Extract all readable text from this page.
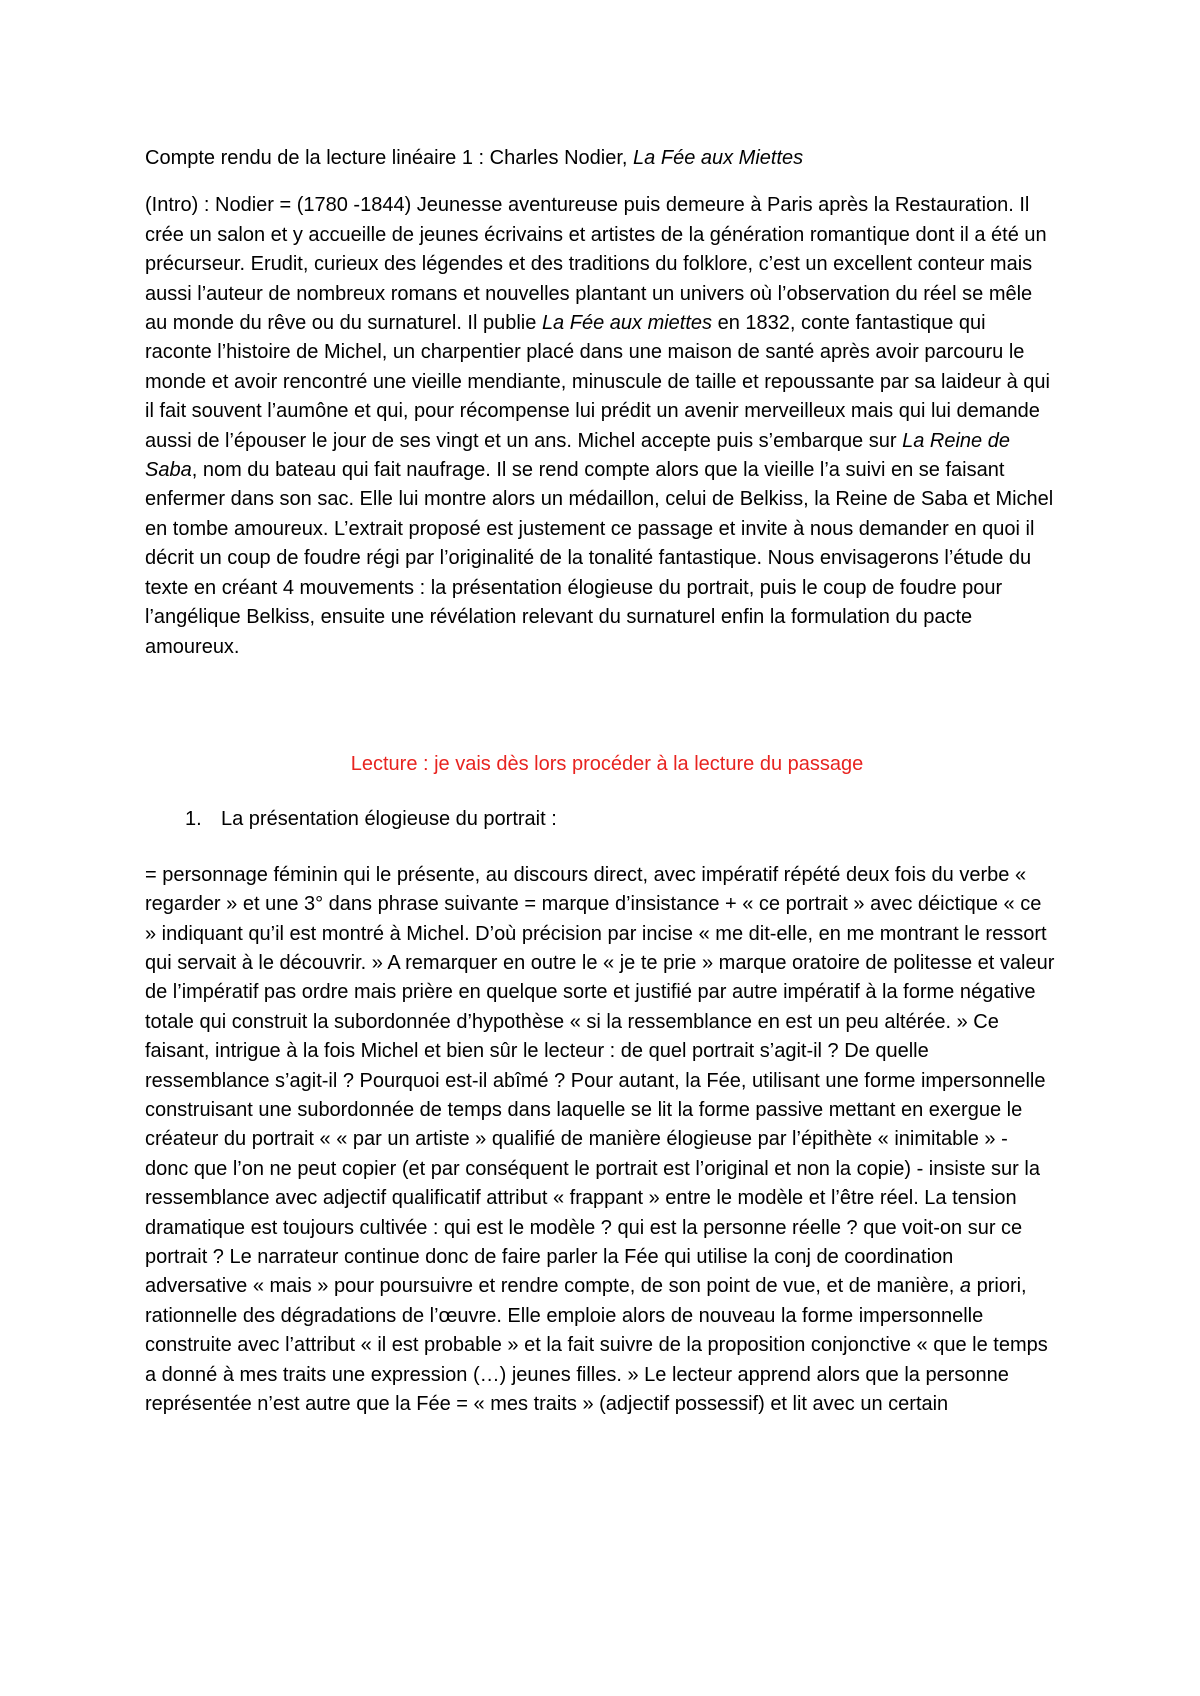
Compte rendu de la lecture linéaire 1 : Charles Nodier, La Fée aux Miettes

(Intro) : Nodier = (1780 -1844) Jeunesse aventureuse puis demeure à Paris après la Restauration. Il crée un salon et y accueille de jeunes écrivains et artistes de la génération romantique dont il a été un précurseur. Erudit, curieux des légendes et des traditions du folklore, c’est un excellent conteur mais aussi l’auteur de nombreux romans et nouvelles plantant un univers où l’observation du réel se mêle au monde du rêve ou du surnaturel. Il publie La Fée aux miettes en 1832, conte fantastique qui raconte l’histoire de Michel, un charpentier placé dans une maison de santé après avoir parcouru le monde et avoir rencontré une vieille mendiante, minuscule de taille et repoussante par sa laideur à qui il fait souvent l’aumône et qui, pour récompense lui prédit un avenir merveilleux mais qui lui demande aussi de l’épouser le jour de ses vingt et un ans. Michel accepte puis s’embarque sur La Reine de Saba, nom du bateau qui fait naufrage. Il se rend compte alors que la vieille l’a suivi en se faisant enfermer dans son sac. Elle lui montre alors un médaillon, celui de Belkiss, la Reine de Saba et Michel en tombe amoureux. L’extrait proposé est justement ce passage et invite à nous demander en quoi il décrit un coup de foudre régi par l’originalité de la tonalité fantastique. Nous envisagerons l’étude du texte en créant 4 mouvements : la présentation élogieuse du portrait, puis le coup de foudre pour l’angélique Belkiss, ensuite une révélation relevant du surnaturel enfin la formulation du pacte amoureux.

Lecture : je vais dès lors procéder à la lecture du passage

1. La présentation élogieuse du portrait :

= personnage féminin qui le présente, au discours direct, avec impératif répété deux fois du verbe « regarder » et une 3° dans phrase suivante = marque d’insistance + « ce portrait » avec déictique « ce » indiquant qu’il est montré à Michel. D’où précision par incise « me dit-elle, en me montrant le ressort qui servait à le découvrir. » A remarquer en outre le « je te prie » marque oratoire de politesse et valeur de l’impératif pas ordre mais prière en quelque sorte et justifié par autre impératif à la forme négative totale qui construit la subordonnée d’hypothèse « si la ressemblance en est un peu altérée. » Ce faisant, intrigue à la fois Michel et bien sûr le lecteur : de quel portrait s’agit-il ? De quelle ressemblance s’agit-il ? Pourquoi est-il abîmé ? Pour autant, la Fée, utilisant une forme impersonnelle construisant une subordonnée de temps dans laquelle se lit la forme passive mettant en exergue le créateur du portrait « « par un artiste » qualifié de manière élogieuse par l’épithète « inimitable » - donc que l’on ne peut copier (et par conséquent le portrait est l’original et non la copie) - insiste sur la ressemblance avec adjectif qualificatif attribut « frappant » entre le modèle et l’être réel. La tension dramatique est toujours cultivée : qui est le modèle ? qui est la personne réelle ? que voit-on sur ce portrait ? Le narrateur continue donc de faire parler la Fée qui utilise la conj de coordination adversative « mais » pour poursuivre et rendre compte, de son point de vue, et de manière, a priori, rationnelle des dégradations de l’œuvre. Elle emploie alors de nouveau la forme impersonnelle construite avec l’attribut « il est probable » et la fait suivre de la proposition conjonctive « que le temps a donné à mes traits une expression (…) jeunes filles. » Le lecteur apprend alors que la personne représentée n’est autre que la Fée = « mes traits » (adjectif possessif) et lit avec un certain
